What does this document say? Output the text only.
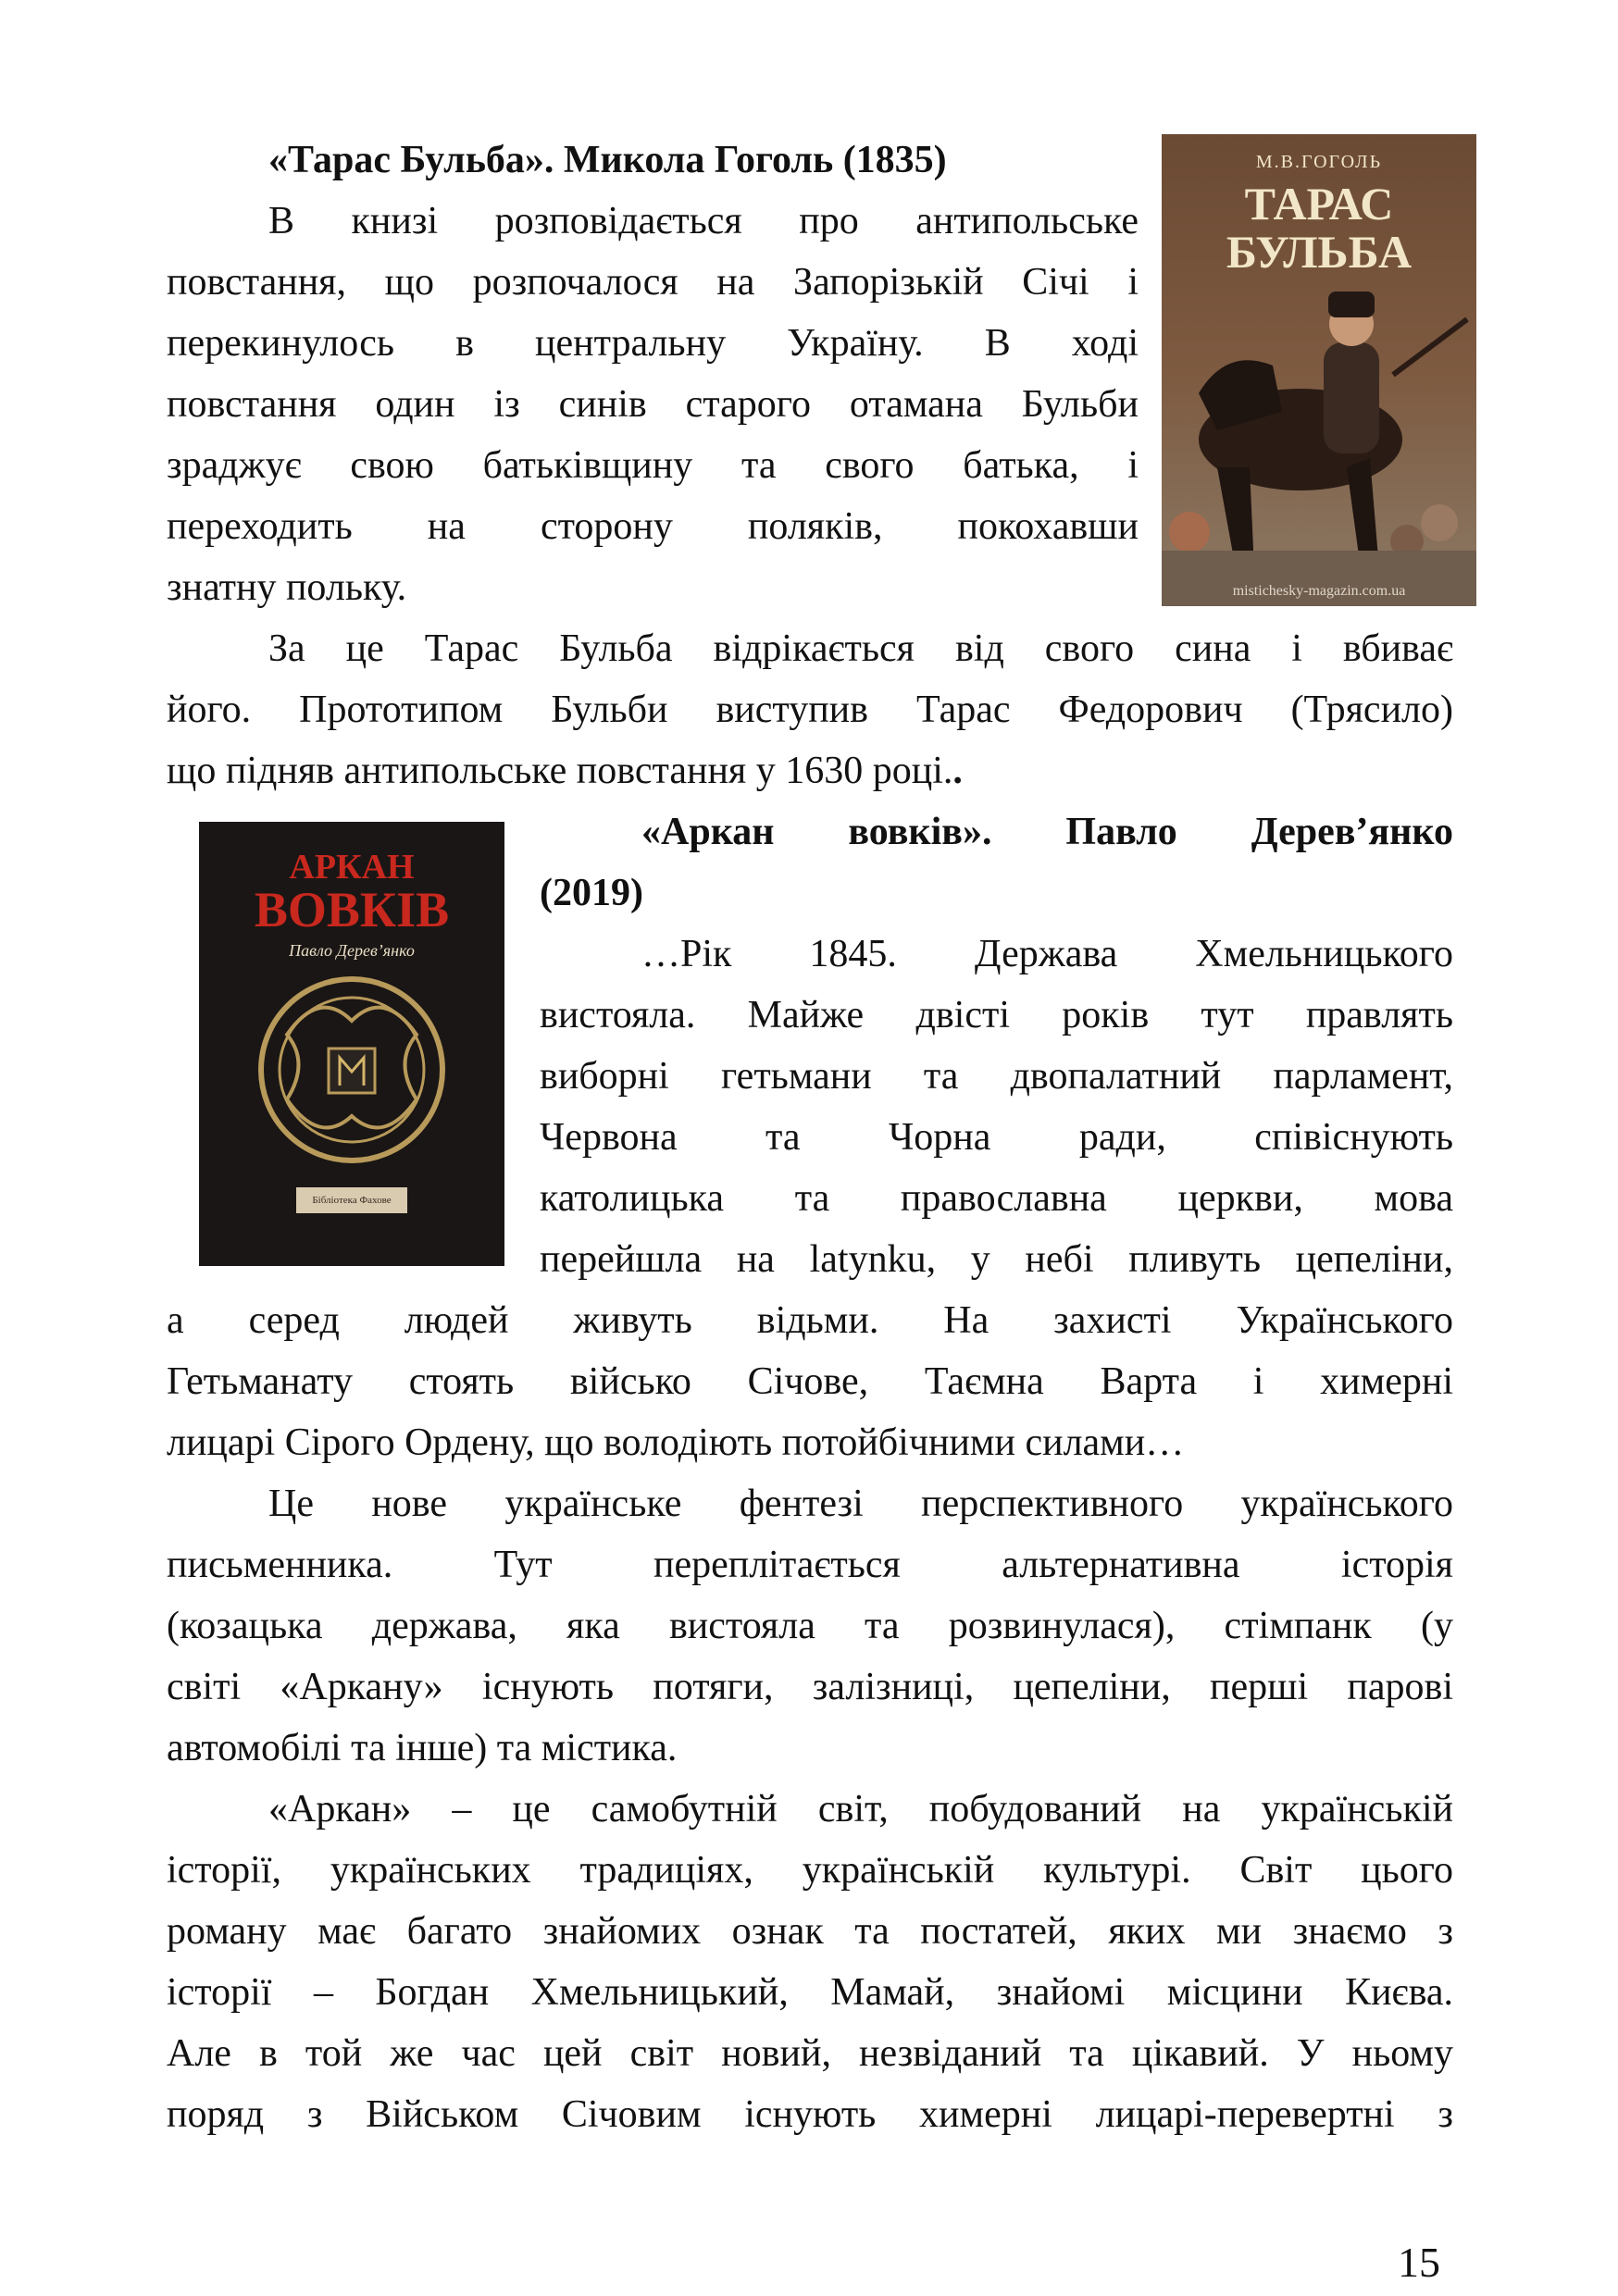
«Тарас Бульба». Микола Гоголь (1835)
В книзі розповідається про антипольське
повстання, що розпочалося на Запорізькій Січі і
перекинулось в центральну Україну. В ході
повстання один із синів старого отамана Бульби
зраджує свою батьківщину та свого батька, і
переходить на сторону поляків, покохавши
знатну польку.
М.В.ГОГОЛЬ
ТАРАС
БУЛЬБА
mistichesky-magazin.com.ua
За це Тарас Бульба відрікається від свого сина і вбиває
його. Прототипом Бульби виступив Тарас Федорович (Трясило)
що підняв антипольське повстання у 1630 році..
АРКАН
ВОВКІВ
Павло Дерев’янко
Бібліотека Фахове
«Аркан вовків». Павло Дерев’янко
(2019)
…Рік 1845. Держава Хмельницького
вистояла. Майже двісті років тут правлять
виборні гетьмани та двопалатний парламент,
Червона та Чорна ради, співіснують
католицька та православна церкви, мова
перейшла на latynku, у небі пливуть цепеліни,
а серед людей живуть відьми. На захисті Українського
Гетьманату стоять військо Січове, Таємна Варта і химерні
лицарі Сірого Ордену, що володіють потойбічними силами…
Це нове українське фентезі перспективного українського
письменника. Тут переплітається альтернативна історія
(козацька держава, яка вистояла та розвинулася), стімпанк (у
світі «Аркану» існують потяги, залізниці, цепеліни, перші парові
автомобілі та інше) та містика.
«Аркан» – це самобутній світ, побудований на українській
історії, українських традиціях, українській культурі. Світ цього
роману має багато знайомих ознак та постатей, яких ми знаємо з
історії – Богдан Хмельницький, Мамай, знайомі місцини Києва.
Але в той же час цей світ новий, незвіданий та цікавий. У ньому
поряд з Військом Січовим існують химерні лицарі-перевертні з
15
